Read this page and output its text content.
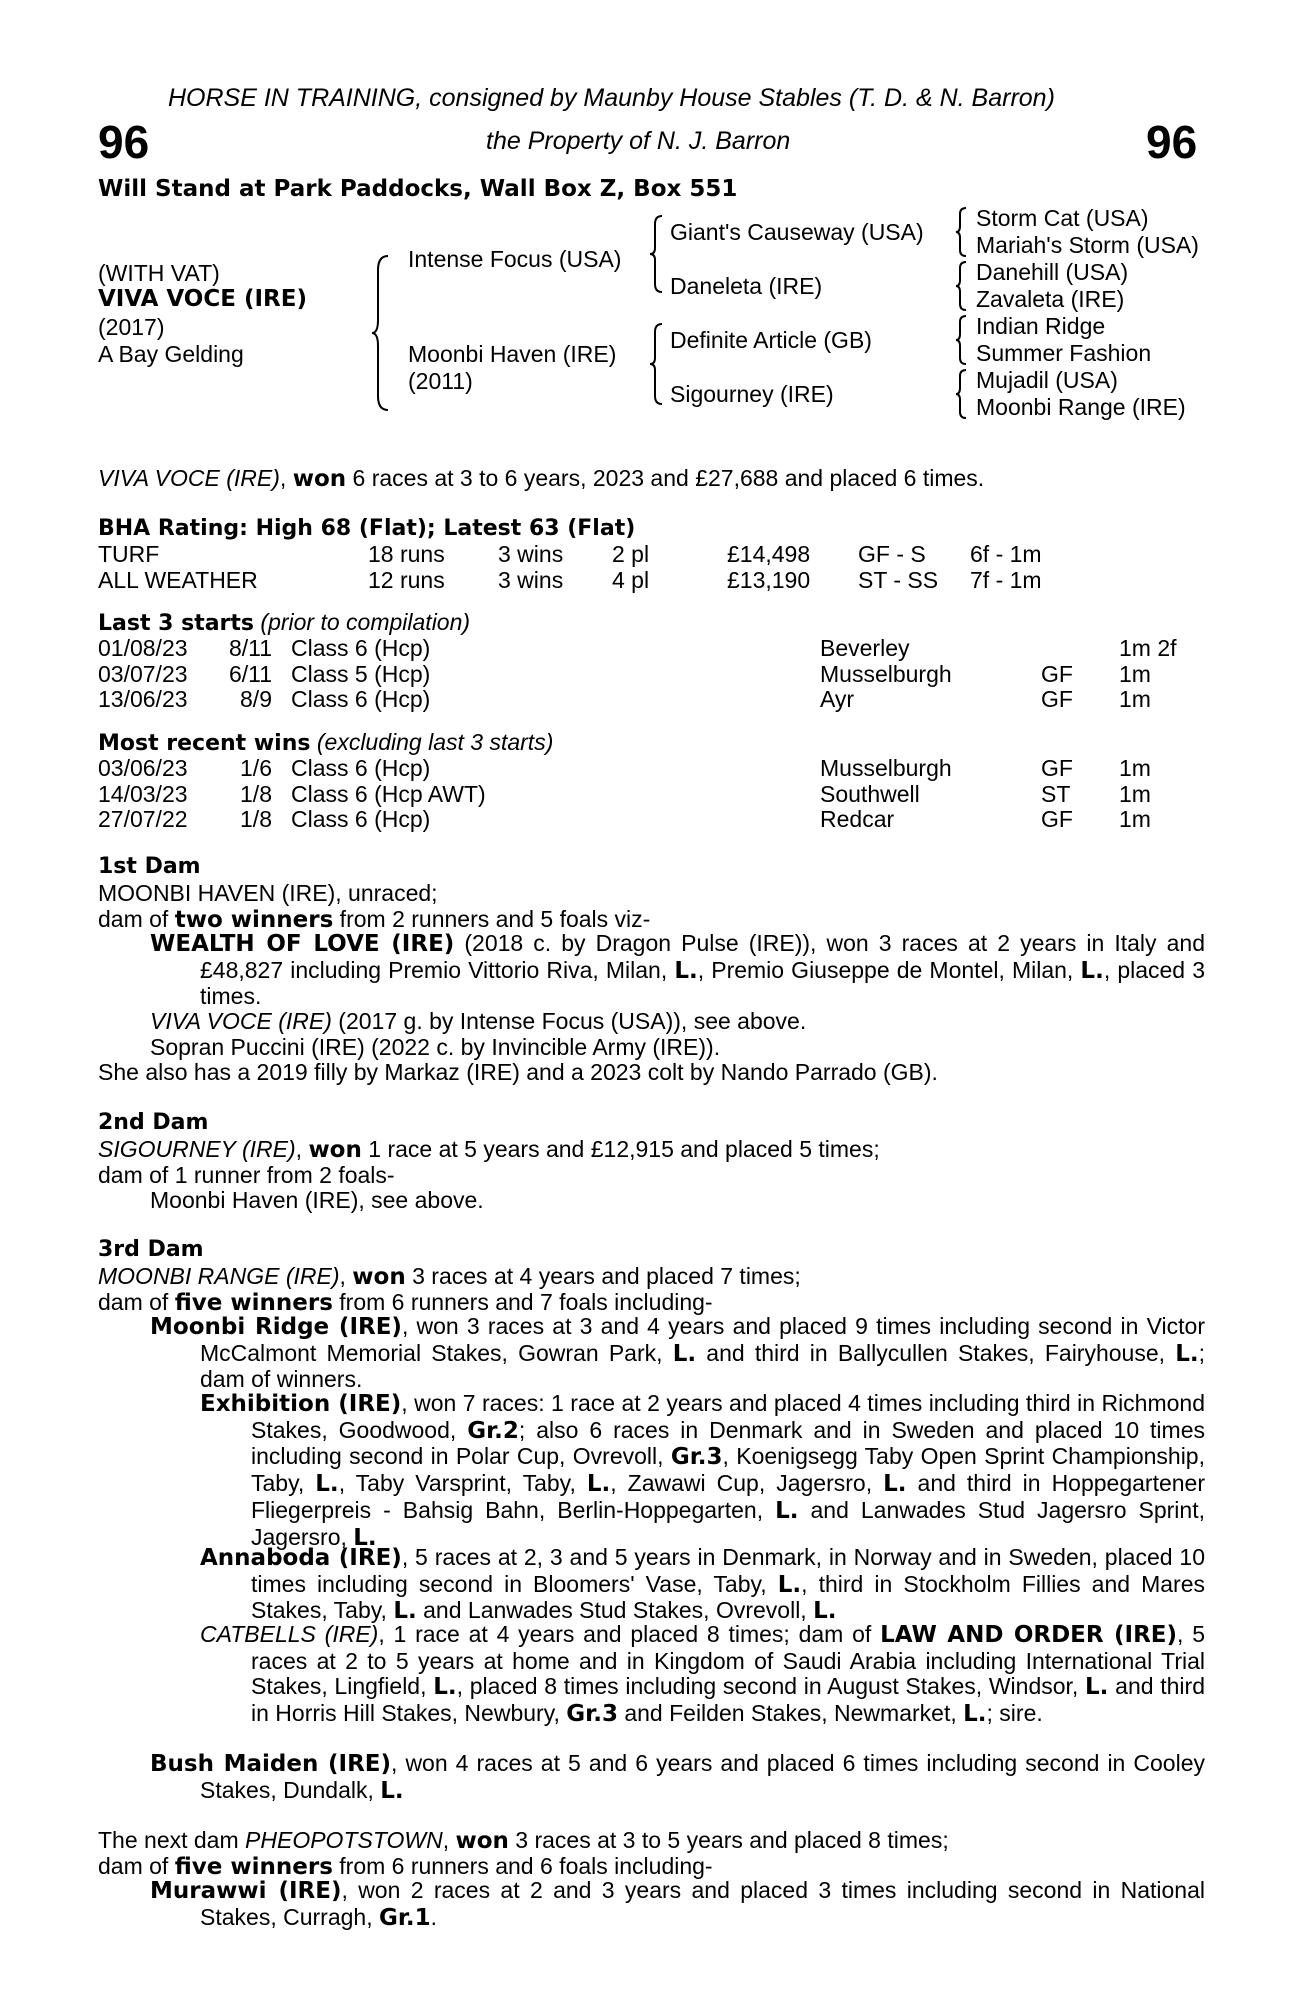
HORSE IN TRAINING, consigned by Maunby House Stables (T. D. & N. Barron)
96	the Property of N. J. Barron	96
Will Stand at Park Paddocks, Wall Box Z, Box 551
(WITH VAT)
VIVA VOCE (IRE)
(2017)
A Bay Gelding
Intense Focus (USA)
Moonbi Haven (IRE)
(2011)
Giant's Causeway (USA)
Daneleta (IRE)
Definite Article (GB)
Sigourney (IRE)
Storm Cat (USA)
Mariah's Storm (USA)
Danehill (USA)
Zavaleta (IRE)
Indian Ridge
Summer Fashion
Mujadil (USA)
Moonbi Range (IRE)
VIVA VOCE (IRE), won 6 races at 3 to 6 years, 2023 and £27,688 and placed 6 times.
BHA Rating: High 68 (Flat); Latest 63 (Flat)
TURF	18 runs 3 wins 2 pl	£14,498 GF - S 6f - 1m
ALL WEATHER	12 runs 3 wins 4 pl	£13,190 ST - SS 7f - 1m
Last 3 starts (prior to compilation)
01/08/23	8/11 Class 6 (Hcp)	Beverley	1m 2f
03/07/23	6/11 Class 5 (Hcp)	Musselburgh	GF 1m
13/06/23	8/9 Class 6 (Hcp)	Ayr	GF 1m
Most recent wins (excluding last 3 starts)
03/06/23	1/6 Class 6 (Hcp)	Musselburgh	GF 1m
14/03/23	1/8 Class 6 (Hcp AWT)	Southwell	ST 1m
27/07/22	1/8 Class 6 (Hcp)	Redcar	GF 1m
1st Dam
MOONBI HAVEN (IRE), unraced;
dam of two winners from 2 runners and 5 foals viz-
WEALTH OF LOVE (IRE) (2018 c. by Dragon Pulse (IRE)), won 3 races at 2 years in Italy and £48,827 including Premio Vittorio Riva, Milan, L., Premio Giuseppe de Montel, Milan, L., placed 3 times.
VIVA VOCE (IRE) (2017 g. by Intense Focus (USA)), see above.
Sopran Puccini (IRE) (2022 c. by Invincible Army (IRE)).
She also has a 2019 filly by Markaz (IRE) and a 2023 colt by Nando Parrado (GB).
2nd Dam
SIGOURNEY (IRE), won 1 race at 5 years and £12,915 and placed 5 times;
dam of 1 runner from 2 foals-
Moonbi Haven (IRE), see above.
3rd Dam
MOONBI RANGE (IRE), won 3 races at 4 years and placed 7 times;
dam of five winners from 6 runners and 7 foals including-
Moonbi Ridge (IRE), won 3 races at 3 and 4 years and placed 9 times including second in Victor McCalmont Memorial Stakes, Gowran Park, L. and third in Ballycullen Stakes, Fairyhouse, L.; dam of winners.
Exhibition (IRE), won 7 races: 1 race at 2 years and placed 4 times including third in Richmond Stakes, Goodwood, Gr.2; also 6 races in Denmark and in Sweden and placed 10 times including second in Polar Cup, Ovrevoll, Gr.3, Koenigsegg Taby Open Sprint Championship, Taby, L., Taby Varsprint, Taby, L., Zawawi Cup, Jagersro, L. and third in Hoppegartener Fliegerpreis - Bahsig Bahn, Berlin-Hoppegarten, L. and Lanwades Stud Jagersro Sprint, Jagersro, L.
Annaboda (IRE), 5 races at 2, 3 and 5 years in Denmark, in Norway and in Sweden, placed 10 times including second in Bloomers' Vase, Taby, L., third in Stockholm Fillies and Mares Stakes, Taby, L. and Lanwades Stud Stakes, Ovrevoll, L.
CATBELLS (IRE), 1 race at 4 years and placed 8 times; dam of LAW AND ORDER (IRE), 5 races at 2 to 5 years at home and in Kingdom of Saudi Arabia including International Trial Stakes, Lingfield, L., placed 8 times including second in August Stakes, Windsor, L. and third in Horris Hill Stakes, Newbury, Gr.3 and Feilden Stakes, Newmarket, L.; sire.
Bush Maiden (IRE), won 4 races at 5 and 6 years and placed 6 times including second in Cooley Stakes, Dundalk, L.
The next dam PHEOPOTSTOWN, won 3 races at 3 to 5 years and placed 8 times;
dam of five winners from 6 runners and 6 foals including-
Murawwi (IRE), won 2 races at 2 and 3 years and placed 3 times including second in National Stakes, Curragh, Gr.1.
